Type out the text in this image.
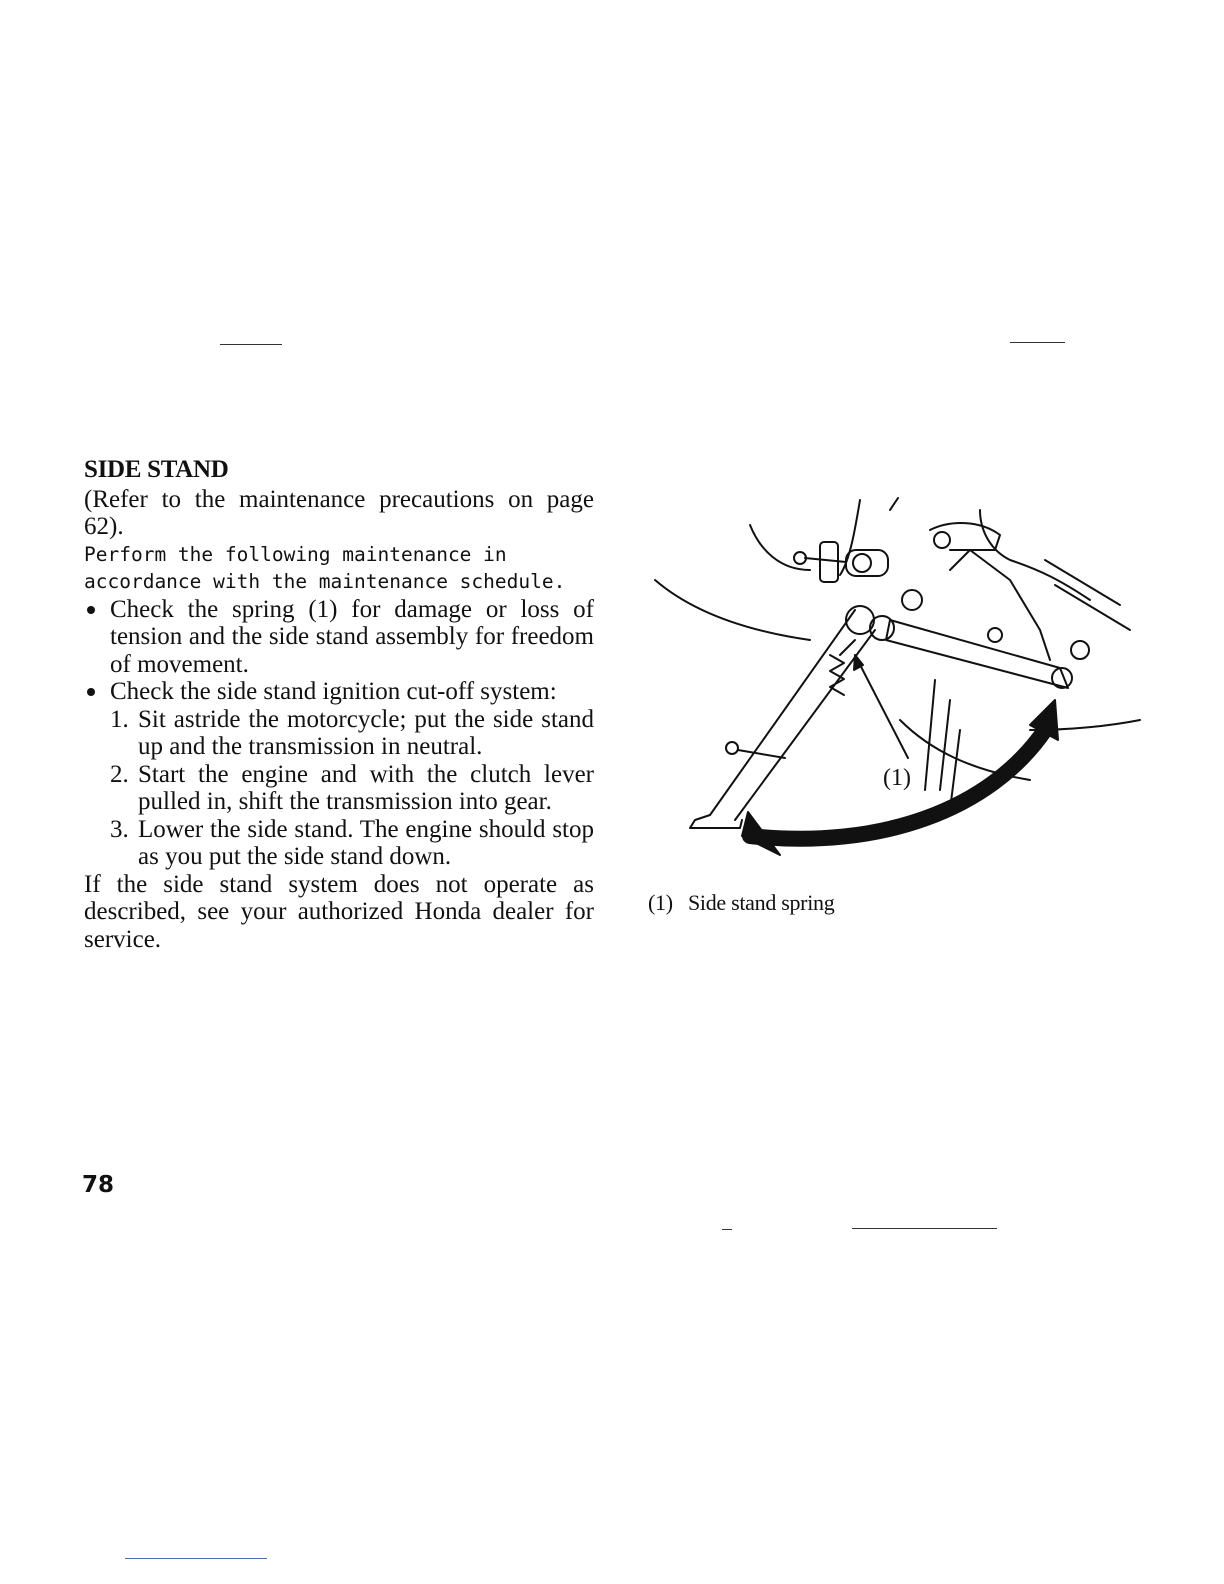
SIDE STAND

(Refer to the maintenance precautions on page 62).

Perform the following maintenance in accordance with the maintenance schedule.

Check the spring (1) for damage or loss of tension and the side stand assembly for freedom of movement.
Check the side stand ignition cut-off system:
1. Sit astride the motorcycle; put the side stand up and the transmission in neutral.
2. Start the engine and with the clutch lever pulled in, shift the transmission into gear.
3. Lower the side stand. The engine should stop as you put the side stand down.

If the side stand system does not operate as described, see your authorized Honda dealer for service.

(1)
(1) Side stand spring
78
